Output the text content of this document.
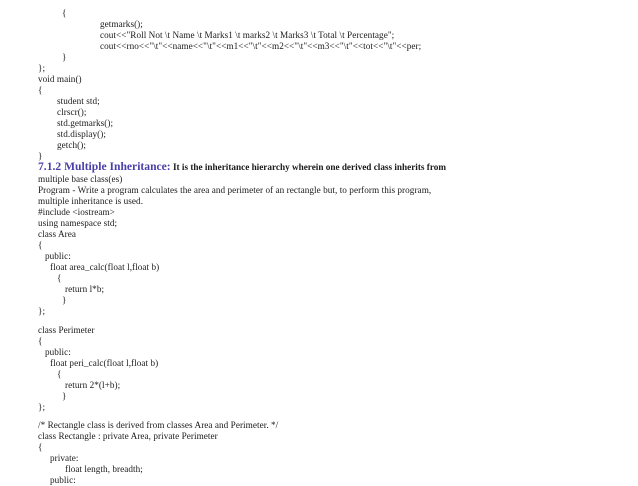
{
getmarks();
cout<<"Roll Not \t Name \t Marks1 \t marks2 \t Marks3 \t Total \t Percentage";
cout<<rno<<"\t"<<name<<"\t"<<m1<<"\t"<<m2<<"\t"<<m3<<"\t"<<tot<<"\t"<<per;
}
};
void main()
{
student std;
clrscr();
std.getmarks();
std.display();
getch();
}
7.1.2 Multiple Inheritance: It is the inheritance hierarchy wherein one derived class inherits from
multiple base class(es)
Program - Write a program calculates the area and perimeter of an rectangle but, to perform this program,
multiple inheritance is used.
#include <iostream>
using namespace std;
class Area
{
public:
float area_calc(float l,float b)
{
return l*b;
}
};
class Perimeter
{
public:
float peri_calc(float l,float b)
{
return 2*(l+b);
}
};
/* Rectangle class is derived from classes Area and Perimeter. */
class Rectangle : private Area, private Perimeter
{
private:
float length, breadth;
public:
